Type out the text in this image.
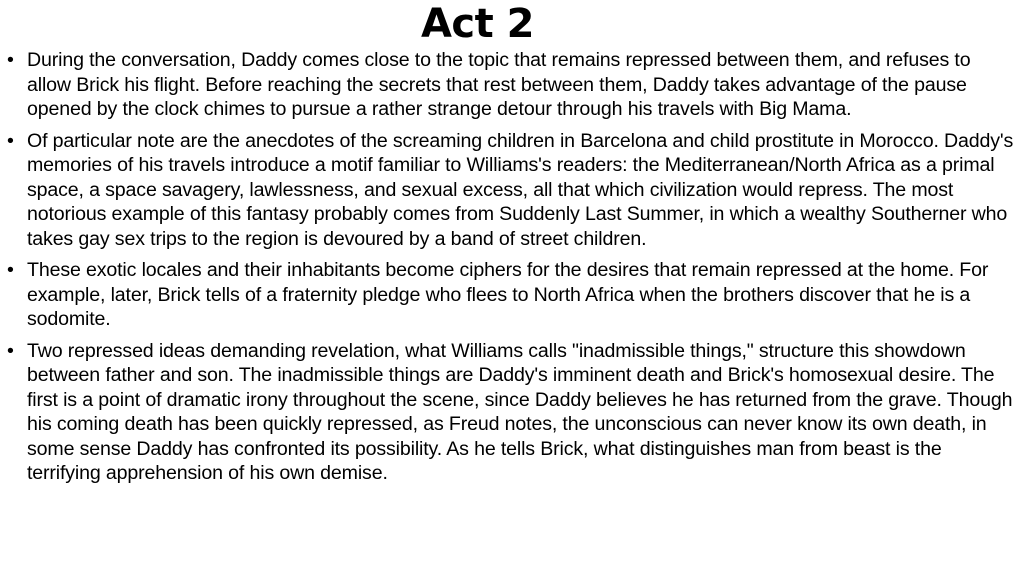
Act 2
• During the conversation, Daddy comes close to the topic that remains repressed between them, and refuses to allow Brick his flight. Before reaching the secrets that rest between them, Daddy takes advantage of the pause opened by the clock chimes to pursue a rather strange detour through his travels with Big Mama.
• Of particular note are the anecdotes of the screaming children in Barcelona and child prostitute in Morocco. Daddy's memories of his travels introduce a motif familiar to Williams's readers: the Mediterranean/North Africa as a primal space, a space savagery, lawlessness, and sexual excess, all that which civilization would repress. The most notorious example of this fantasy probably comes from Suddenly Last Summer, in which a wealthy Southerner who takes gay sex trips to the region is devoured by a band of street children.
• These exotic locales and their inhabitants become ciphers for the desires that remain repressed at the home. For example, later, Brick tells of a fraternity pledge who flees to North Africa when the brothers discover that he is a sodomite.
• Two repressed ideas demanding revelation, what Williams calls "inadmissible things," structure this showdown between father and son. The inadmissible things are Daddy's imminent death and Brick's homosexual desire. The first is a point of dramatic irony throughout the scene, since Daddy believes he has returned from the grave. Though his coming death has been quickly repressed, as Freud notes, the unconscious can never know its own death, in some sense Daddy has confronted its possibility. As he tells Brick, what distinguishes man from beast is the terrifying apprehension of his own demise.
